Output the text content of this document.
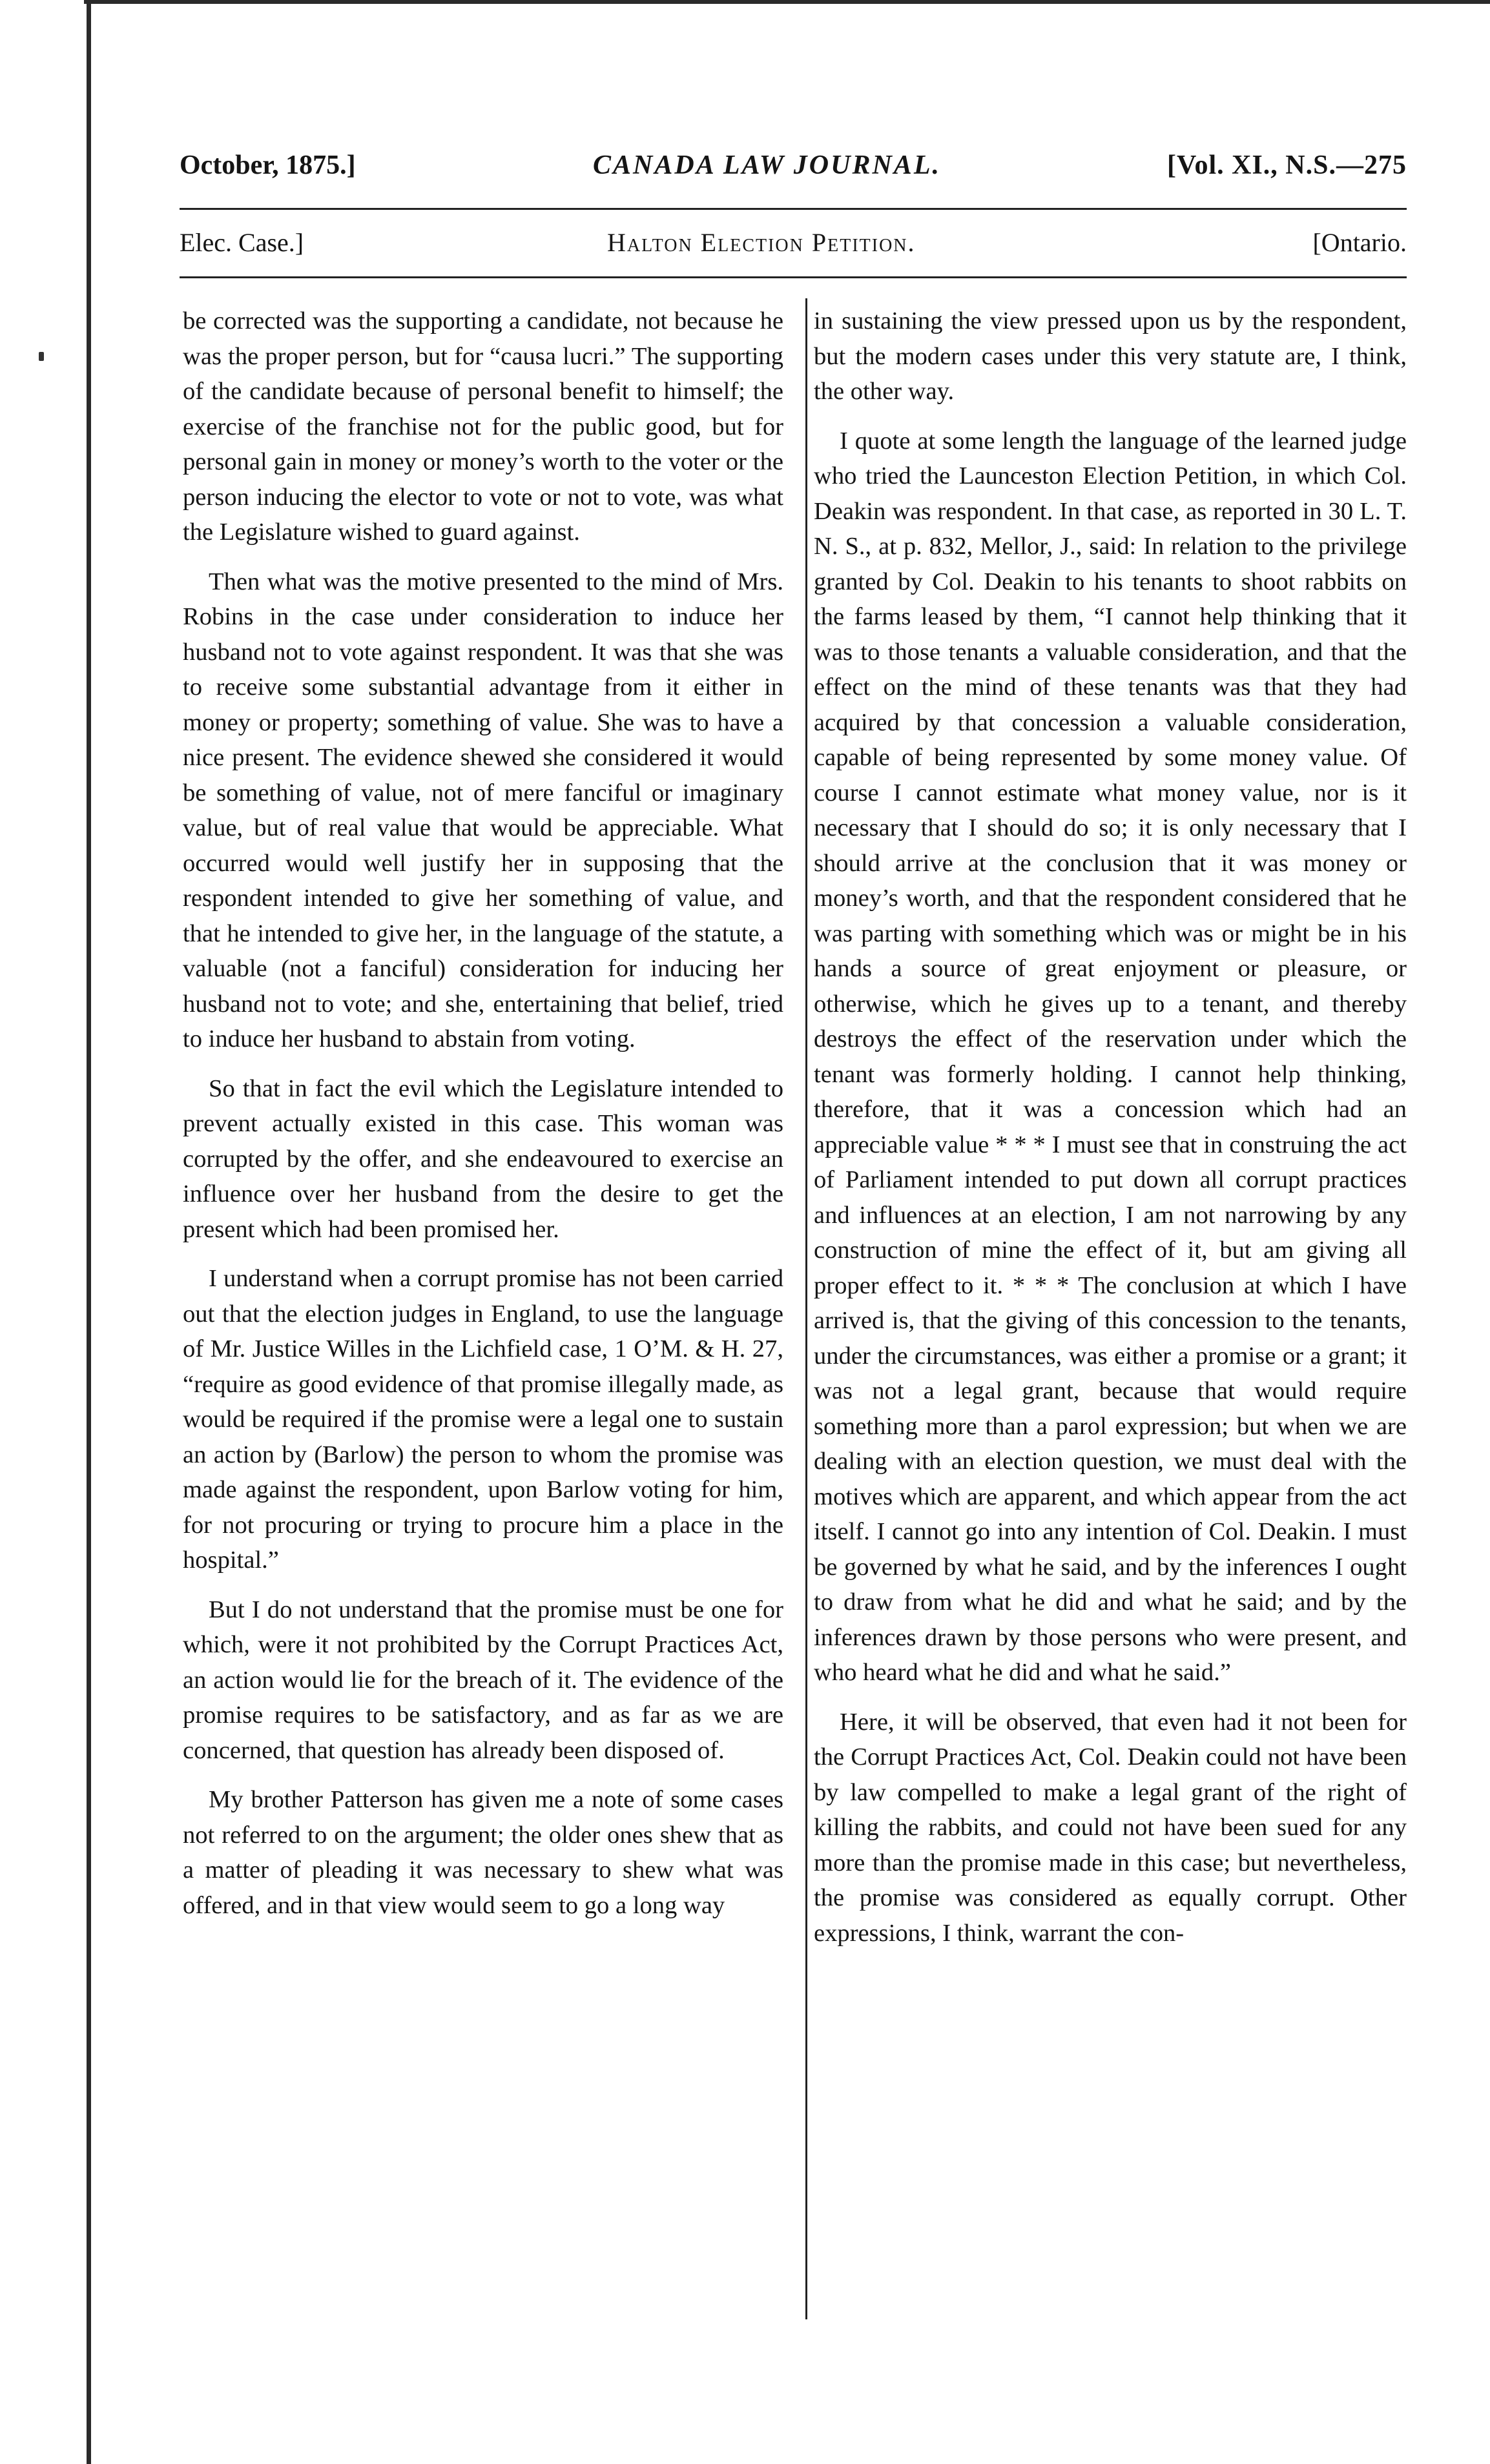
October, 1875.]	CANADA LAW JOURNAL.	[Vol. XI., N.S.—275
Elec. Case.]	Halton Election Petition.	[Ontario.

be corrected was the supporting a candidate, not because he was the proper person, but for “causa lucri.” The supporting of the candidate because of personal benefit to himself; the exercise of the franchise not for the public good, but for personal gain in money or money’s worth to the voter or the person inducing the elector to vote or not to vote, was what the Legislature wished to guard against.

Then what was the motive presented to the mind of Mrs. Robins in the case under consideration to induce her husband not to vote against respondent. It was that she was to receive some substantial advantage from it either in money or property; something of value. She was to have a nice present. The evidence shewed she considered it would be something of value, not of mere fanciful or imaginary value, but of real value that would be appreciable. What occurred would well justify her in supposing that the respondent intended to give her something of value, and that he intended to give her, in the language of the statute, a valuable (not a fanciful) consideration for inducing her husband not to vote; and she, entertaining that belief, tried to induce her husband to abstain from voting.

So that in fact the evil which the Legislature intended to prevent actually existed in this case. This woman was corrupted by the offer, and she endeavoured to exercise an influence over her husband from the desire to get the present which had been promised her.

I understand when a corrupt promise has not been carried out that the election judges in England, to use the language of Mr. Justice Willes in the Lichfield case, 1 O’M. & H. 27, “require as good evidence of that promise illegally made, as would be required if the promise were a legal one to sustain an action by (Barlow) the person to whom the promise was made against the respondent, upon Barlow voting for him, for not procuring or trying to procure him a place in the hospital.”

But I do not understand that the promise must be one for which, were it not prohibited by the Corrupt Practices Act, an action would lie for the breach of it. The evidence of the promise requires to be satisfactory, and as far as we are concerned, that question has already been disposed of.

My brother Patterson has given me a note of some cases not referred to on the argument; the older ones shew that as a matter of pleading it was necessary to shew what was offered, and in that view would seem to go a long way

in sustaining the view pressed upon us by the respondent, but the modern cases under this very statute are, I think, the other way.

I quote at some length the language of the learned judge who tried the Launceston Election Petition, in which Col. Deakin was respondent. In that case, as reported in 30 L. T. N. S., at p. 832, Mellor, J., said: In relation to the privilege granted by Col. Deakin to his tenants to shoot rabbits on the farms leased by them, “I cannot help thinking that it was to those tenants a valuable consideration, and that the effect on the mind of these tenants was that they had acquired by that concession a valuable consideration, capable of being represented by some money value. Of course I cannot estimate what money value, nor is it necessary that I should do so; it is only necessary that I should arrive at the conclusion that it was money or money’s worth, and that the respondent considered that he was parting with something which was or might be in his hands a source of great enjoyment or pleasure, or otherwise, which he gives up to a tenant, and thereby destroys the effect of the reservation under which the tenant was formerly holding. I cannot help thinking, therefore, that it was a concession which had an appreciable value * * * I must see that in construing the act of Parliament intended to put down all corrupt practices and influences at an election, I am not narrowing by any construction of mine the effect of it, but am giving all proper effect to it. * * * The conclusion at which I have arrived is, that the giving of this concession to the tenants, under the circumstances, was either a promise or a grant; it was not a legal grant, because that would require something more than a parol expression; but when we are dealing with an election question, we must deal with the motives which are apparent, and which appear from the act itself. I cannot go into any intention of Col. Deakin. I must be governed by what he said, and by the inferences I ought to draw from what he did and what he said; and by the inferences drawn by those persons who were present, and who heard what he did and what he said.”

Here, it will be observed, that even had it not been for the Corrupt Practices Act, Col. Deakin could not have been by law compelled to make a legal grant of the right of killing the rabbits, and could not have been sued for any more than the promise made in this case; but nevertheless, the promise was considered as equally corrupt. Other expressions, I think, warrant the con-
